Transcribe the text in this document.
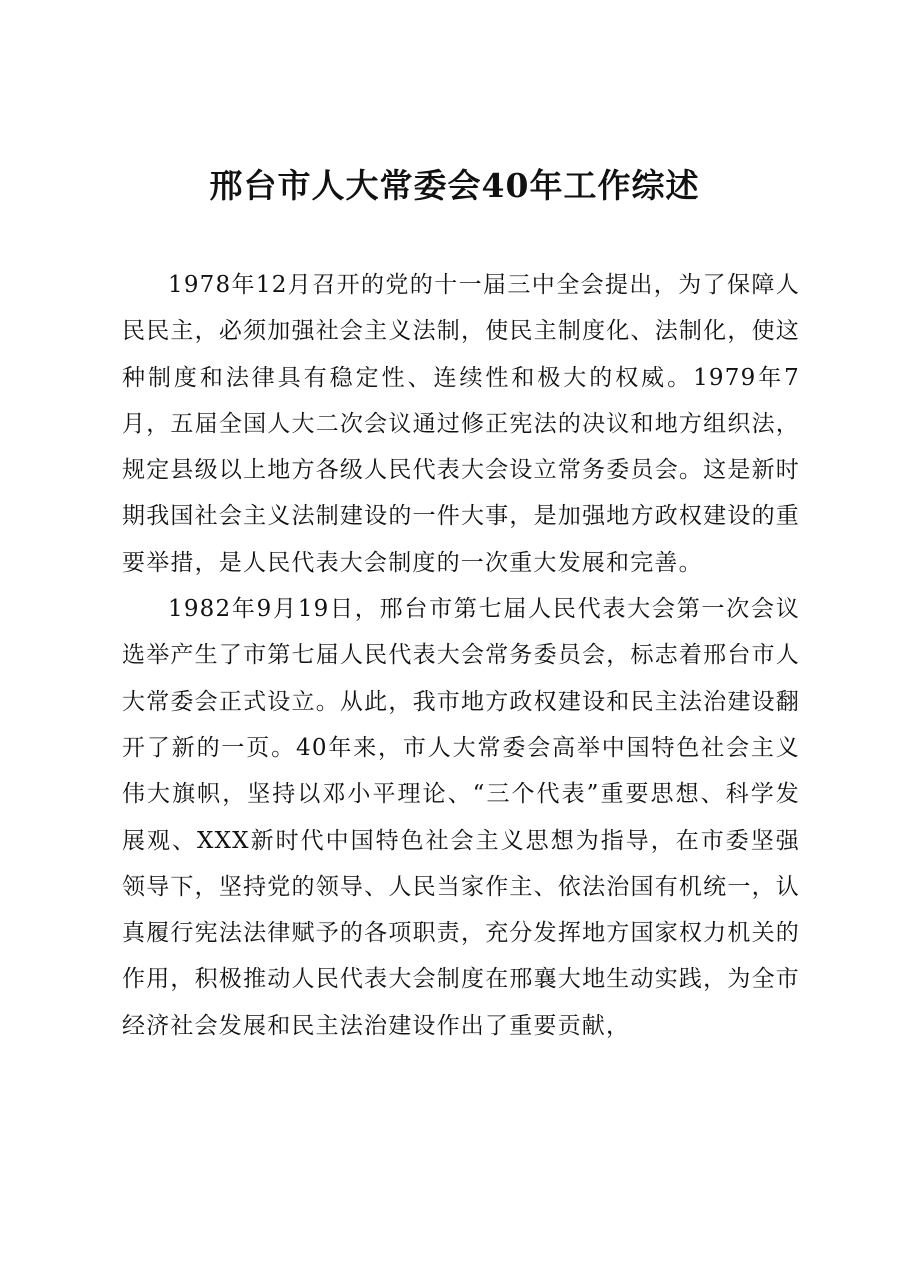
邢台市人大常委会40年工作综述

1978年12月召开的党的十一届三中全会提出，为了保障人民民主，必须加强社会主义法制，使民主制度化、法制化，使这种制度和法律具有稳定性、连续性和极大的权威。1979年7月，五届全国人大二次会议通过修正宪法的决议和地方组织法，规定县级以上地方各级人民代表大会设立常务委员会。这是新时期我国社会主义法制建设的一件大事，是加强地方政权建设的重要举措，是人民代表大会制度的一次重大发展和完善。

1982年9月19日，邢台市第七届人民代表大会第一次会议选举产生了市第七届人民代表大会常务委员会，标志着邢台市人大常委会正式设立。从此，我市地方政权建设和民主法治建设翻开了新的一页。40年来，市人大常委会高举中国特色社会主义伟大旗帜，坚持以邓小平理论、“三个代表”重要思想、科学发展观、XXX新时代中国特色社会主义思想为指导，在市委坚强领导下，坚持党的领导、人民当家作主、依法治国有机统一，认真履行宪法法律赋予的各项职责，充分发挥地方国家权力机关的作用，积极推动人民代表大会制度在邢襄大地生动实践，为全市经济社会发展和民主法治建设作出了重要贡献，
